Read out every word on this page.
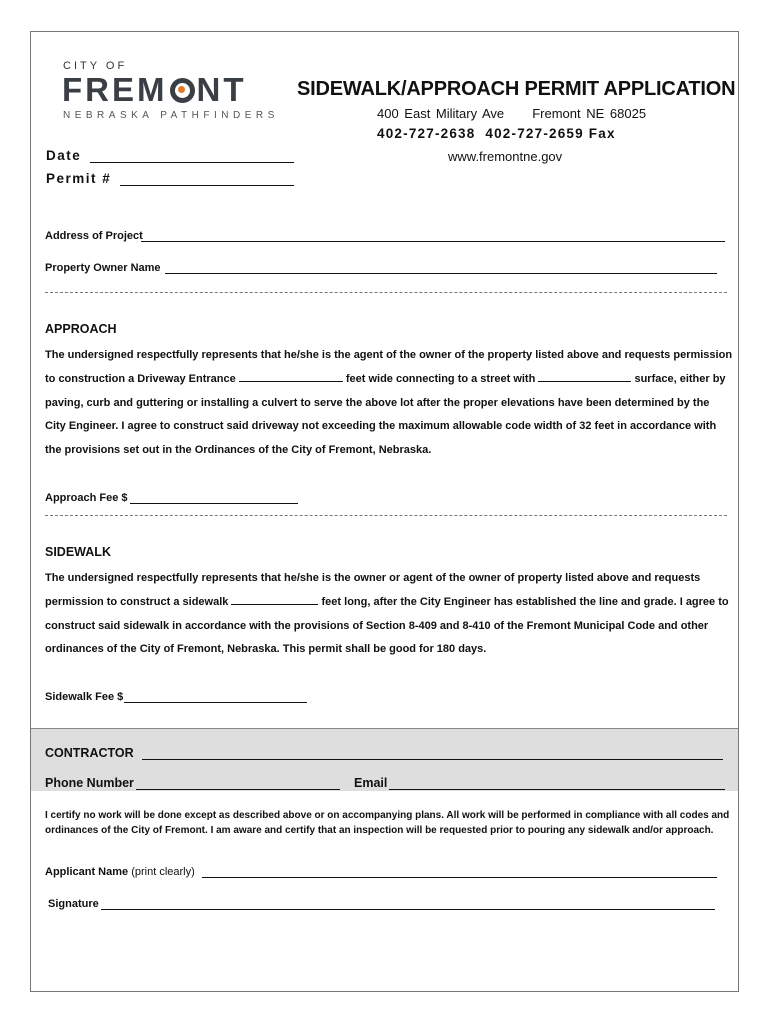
CITY OF
FREM NT
NEBRASKA PATHFINDERS
SIDEWALK/APPROACH PERMIT APPLICATION
400 East Military Ave     Fremont NE 68025
402-727-2638  402-727-2659 Fax
www.fremontne.gov
Date
Permit #
Address of Project
Property Owner Name
APPROACH
The undersigned respectfully represents that he/she is the agent of the owner of the property listed above and requests permission
to construction a Driveway Entrance	feet wide connecting to a street with	surface, either by
paving, curb and guttering or installing a culvert to serve the above lot after the proper elevations have been determined by the
City Engineer. I agree to construct said driveway not exceeding the maximum allowable code width of 32 feet in accordance with
the provisions set out in the Ordinances of the City of Fremont, Nebraska.
Approach Fee $
SIDEWALK
The undersigned respectfully represents that he/she is the owner or agent of the owner of property listed above and requests
permission to construct a sidewalk	feet long, after the City Engineer has established the line and grade. I agree to
construct said sidewalk in accordance with the provisions of Section 8-409 and 8-410 of the Fremont Municipal Code and other
ordinances of the City of Fremont, Nebraska. This permit shall be good for 180 days.
Sidewalk Fee $
CONTRACTOR
Phone Number	Email
I certify no work will be done except as described above or on accompanying plans. All work will be performed in compliance with all codes and ordinances of the City of Fremont. I am aware and certify that an inspection will be requested prior to pouring any sidewalk and/or approach.
Applicant Name (print clearly)
Signature
